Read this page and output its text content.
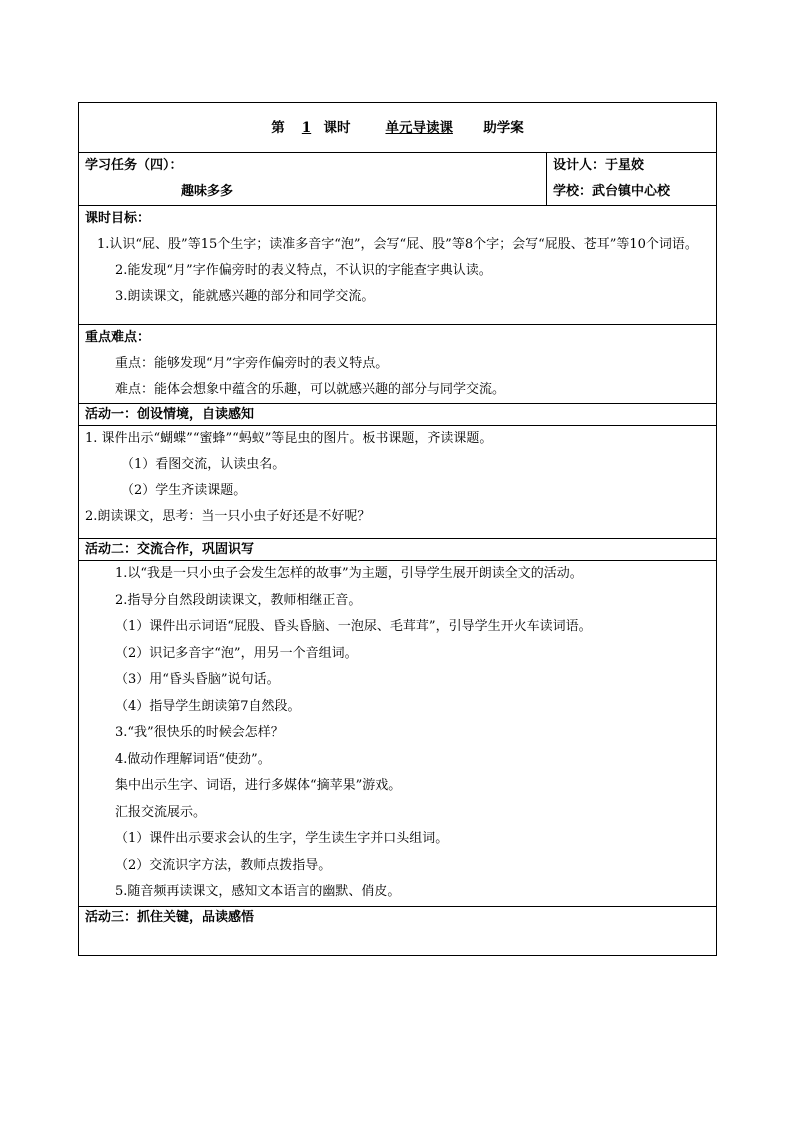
第 1 课时	单元导读课 助学案

学习任务（四）：
趣味多多

设计人：于星姣
学校：武台镇中心校

课时目标：
1.认识“屁、股”等15个生字；读准多音字“泡”，会写“屁、股”等8个字；会写“屁股、苍耳”等10个词语。
2.能发现“月”字作偏旁时的表义特点，不认识的字能查字典认读。
3.朗读课文，能就感兴趣的部分和同学交流。

重点难点：
重点：能够发现“月”字旁作偏旁时的表义特点。
难点：能体会想象中蕴含的乐趣，可以就感兴趣的部分与同学交流。

活动一：创设情境，自读感知

1. 课件出示“蝴蝶”“蜜蜂”“蚂蚁”等昆虫的图片。板书课题，齐读课题。
（1）看图交流，认读虫名。
（2）学生齐读课题。
2.朗读课文，思考：当一只小虫子好还是不好呢？

活动二：交流合作，巩固识写

1.以“我是一只小虫子会发生怎样的故事”为主题，引导学生展开朗读全文的活动。
2.指导分自然段朗读课文，教师相继正音。
（1）课件出示词语“屁股、昏头昏脑、一泡尿、毛茸茸”，引导学生开火车读词语。
（2）识记多音字“泡”，用另一个音组词。
（3）用“昏头昏脑”说句话。
（4）指导学生朗读第7自然段。
3.“我”很快乐的时候会怎样？
4.做动作理解词语“使劲”。
集中出示生字、词语，进行多媒体“摘苹果”游戏。
汇报交流展示。
（1）课件出示要求会认的生字，学生读生字并口头组词。
（2）交流识字方法，教师点拨指导。
5.随音频再读课文，感知文本语言的幽默、俏皮。

活动三：抓住关键，品读感悟
